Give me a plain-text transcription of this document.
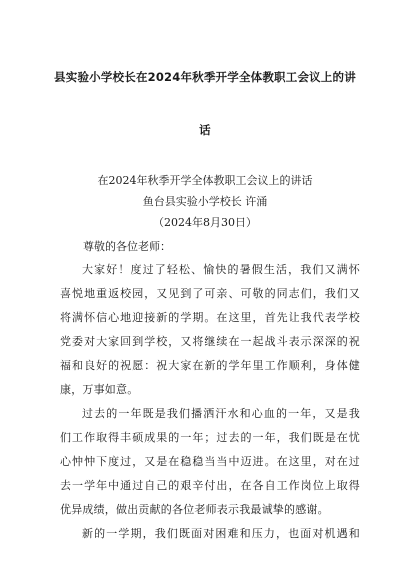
县实验小学校长在2024年秋季开学全体教职工会议上的讲
话

在2024年秋季开学全体教职工会议上的讲话

鱼台县实验小学校长 许涌

（2024年8月30日）

尊敬的各位老师：

大家好！度过了轻松、愉快的暑假生活，我们又满怀
喜悦地重返校园，又见到了可亲、可敬的同志们，我们又
将满怀信心地迎接新的学期。在这里，首先让我代表学校
党委对大家回到学校，又将继续在一起战斗表示深深的祝
福和良好的祝愿：祝大家在新的学年里工作顺利，身体健
康，万事如意。
过去的一年既是我们播洒汗水和心血的一年，又是我
们工作取得丰硕成果的一年；过去的一年，我们既是在忧
心忡忡下度过，又是在稳稳当当中迈进。在这里，对在过
去一学年中通过自己的艰辛付出，在各自工作岗位上取得
优异成绩，做出贡献的各位老师表示我最诚挚的感谢。
新的一学期，我们既面对困难和压力，也面对机遇和
